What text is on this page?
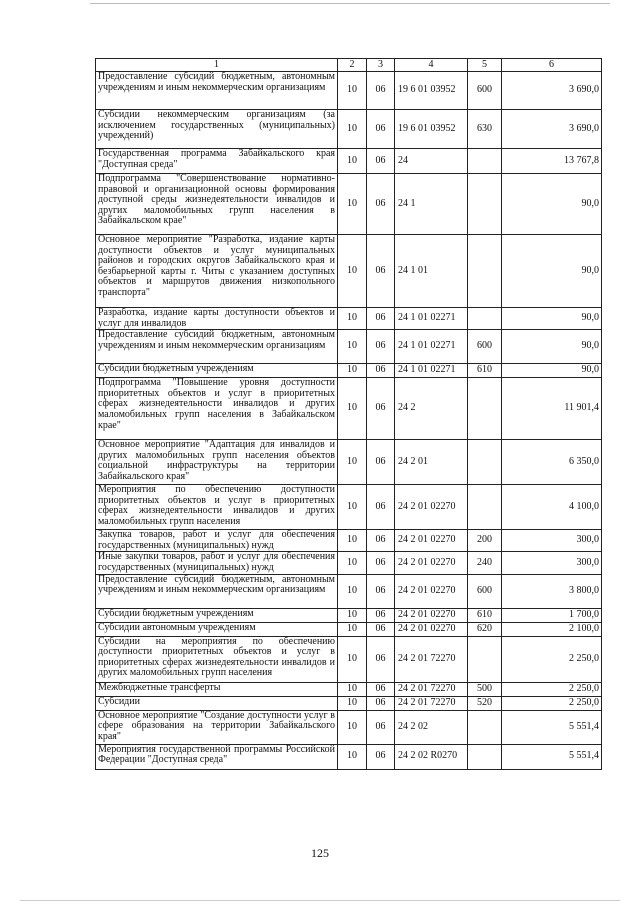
1	2	3	4	5	6
Предоставление субсидий бюджетным, автономным учреждениям и иным некоммерческим организациям	10	06	19 6 01 03952	600	3 690,0
Субсидии некоммерческим организациям (за исключением государственных (муниципальных) учреждений)	10	06	19 6 01 03952	630	3 690,0
Государственная программа Забайкальского края "Доступная среда"	10	06	24		13 767,8
Подпрограмма "Совершенствование нормативно-правовой и организационной основы формирования доступной среды жизнедеятельности инвалидов и других маломобильных групп населения в Забайкальском крае"	10	06	24 1		90,0
Основное мероприятие "Разработка, издание карты доступности объектов и услуг муниципальных районов и городских округов Забайкальского края и безбарьерной карты г. Читы с указанием доступных объектов и маршрутов движения низкопольного транспорта"	10	06	24 1 01		90,0
Разработка, издание карты доступности объектов и услуг для инвалидов	10	06	24 1 01 02271		90,0
Предоставление субсидий бюджетным, автономным учреждениям и иным некоммерческим организациям	10	06	24 1 01 02271	600	90,0
Субсидии бюджетным учреждениям	10	06	24 1 01 02271	610	90,0
Подпрограмма "Повышение уровня доступности приоритетных объектов и услуг в приоритетных сферах жизнедеятельности инвалидов и других маломобильных групп населения в Забайкальском крае"	10	06	24 2		11 901,4
Основное мероприятие "Адаптация для инвалидов и других маломобильных групп населения объектов социальной инфраструктуры на территории Забайкальского края"	10	06	24 2 01		6 350,0
Мероприятия по обеспечению доступности приоритетных объектов и услуг в приоритетных сферах жизнедеятельности инвалидов и других маломобильных групп населения	10	06	24 2 01 02270		4 100,0
Закупка товаров, работ и услуг для обеспечения государственных (муниципальных) нужд	10	06	24 2 01 02270	200	300,0
Иные закупки товаров, работ и услуг для обеспечения государственных (муниципальных) нужд	10	06	24 2 01 02270	240	300,0
Предоставление субсидий бюджетным, автономным учреждениям и иным некоммерческим организациям	10	06	24 2 01 02270	600	3 800,0
Субсидии бюджетным учреждениям	10	06	24 2 01 02270	610	1 700,0
Субсидии автономным учреждениям	10	06	24 2 01 02270	620	2 100,0
Субсидии на мероприятия по обеспечению доступности приоритетных объектов и услуг в приоритетных сферах жизнедеятельности инвалидов и других маломобильных групп населения	10	06	24 2 01 72270		2 250,0
Межбюджетные трансферты	10	06	24 2 01 72270	500	2 250,0
Субсидии	10	06	24 2 01 72270	520	2 250,0
Основное мероприятие "Создание доступности услуг в сфере образования на территории Забайкальского края"	10	06	24 2 02		5 551,4
Мероприятия государственной программы Российской Федерации "Доступная среда"	10	06	24 2 02 R0270		5 551,4
125
